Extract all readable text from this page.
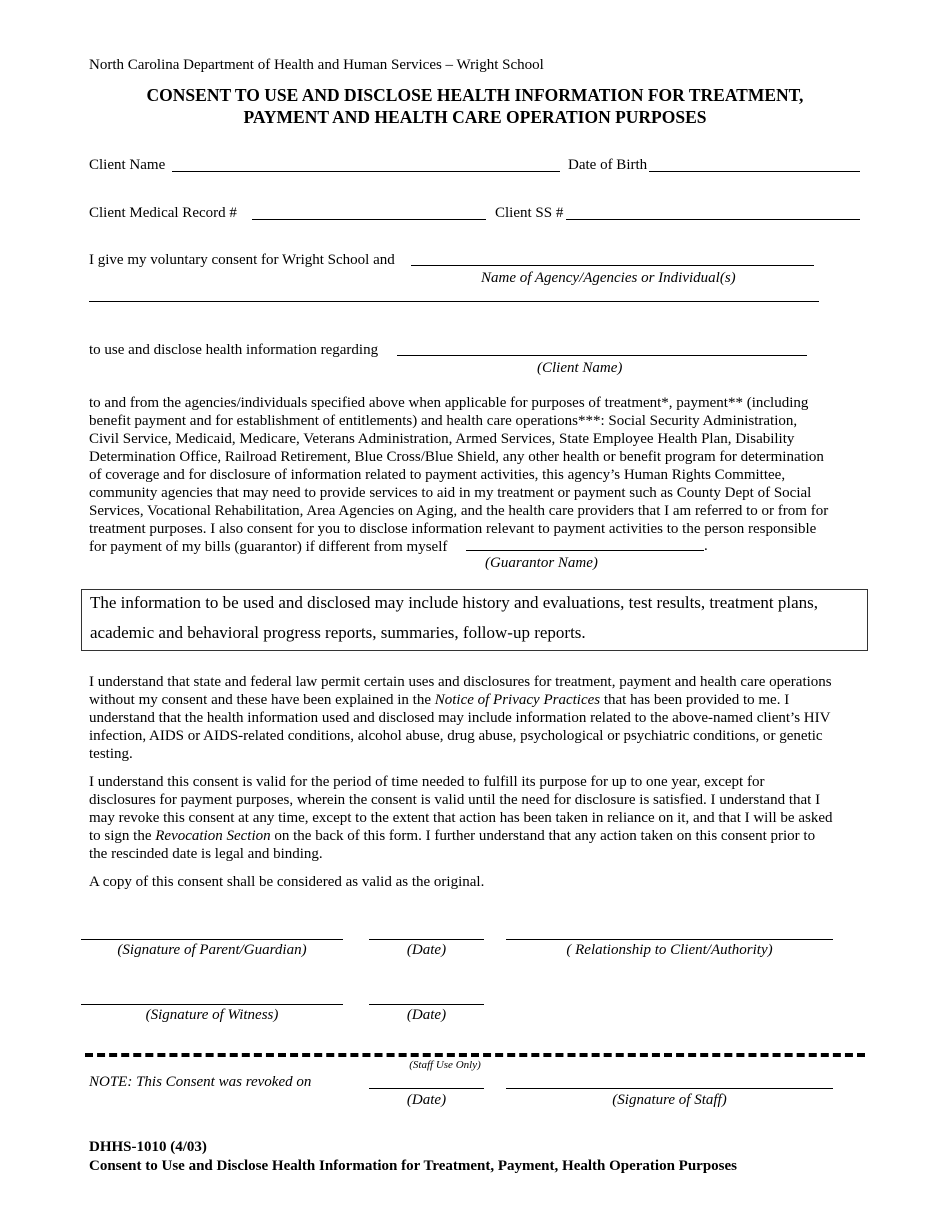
North Carolina Department of Health and Human Services – Wright School
CONSENT TO USE AND DISCLOSE HEALTH INFORMATION FOR TREATMENT,
PAYMENT AND HEALTH CARE OPERATION PURPOSES
Client Name	Date of Birth
Client Medical Record #	Client SS #
I give my voluntary consent for Wright School and
Name of Agency/Agencies or Individual(s)
to use and disclose health information regarding
(Client Name)
to and from the agencies/individuals specified above when applicable for purposes of treatment*, payment** (including
benefit payment and for establishment of entitlements) and health care operations***: Social Security Administration,
Civil Service, Medicaid, Medicare, Veterans Administration, Armed Services, State Employee Health Plan, Disability
Determination Office, Railroad Retirement, Blue Cross/Blue Shield, any other health or benefit program for determination
of coverage and for disclosure of information related to payment activities, this agency’s Human Rights Committee,
community agencies that may need to provide services to aid in my treatment or payment such as County Dept of Social
Services, Vocational Rehabilitation, Area Agencies on Aging, and the health care providers that I am referred to or from for
treatment purposes. I also consent for you to disclose information relevant to payment activities to the person responsible
for payment of my bills (guarantor) if different from myself	.
(Guarantor Name)
The information to be used and disclosed may include history and evaluations, test results, treatment plans,
academic and behavioral progress reports, summaries, follow-up reports.
I understand that state and federal law permit certain uses and disclosures for treatment, payment and health care operations
without my consent and these have been explained in the Notice of Privacy Practices that has been provided to me. I
understand that the health information used and disclosed may include information related to the above-named client’s HIV
infection, AIDS or AIDS-related conditions, alcohol abuse, drug abuse, psychological or psychiatric conditions, or genetic
testing.
I understand this consent is valid for the period of time needed to fulfill its purpose for up to one year, except for
disclosures for payment purposes, wherein the consent is valid until the need for disclosure is satisfied. I understand that I
may revoke this consent at any time, except to the extent that action has been taken in reliance on it, and that I will be asked
to sign the Revocation Section on the back of this form. I further understand that any action taken on this consent prior to
the rescinded date is legal and binding.
A copy of this consent shall be considered as valid as the original.
(Signature of Parent/Guardian)	(Date)	( Relationship to Client/Authority)
(Signature of Witness)	(Date)
(Staff Use Only)
NOTE: This Consent was revoked on
(Date)	(Signature of Staff)
DHHS-1010 (4/03)
Consent to Use and Disclose Health Information for Treatment, Payment, Health Operation Purposes
